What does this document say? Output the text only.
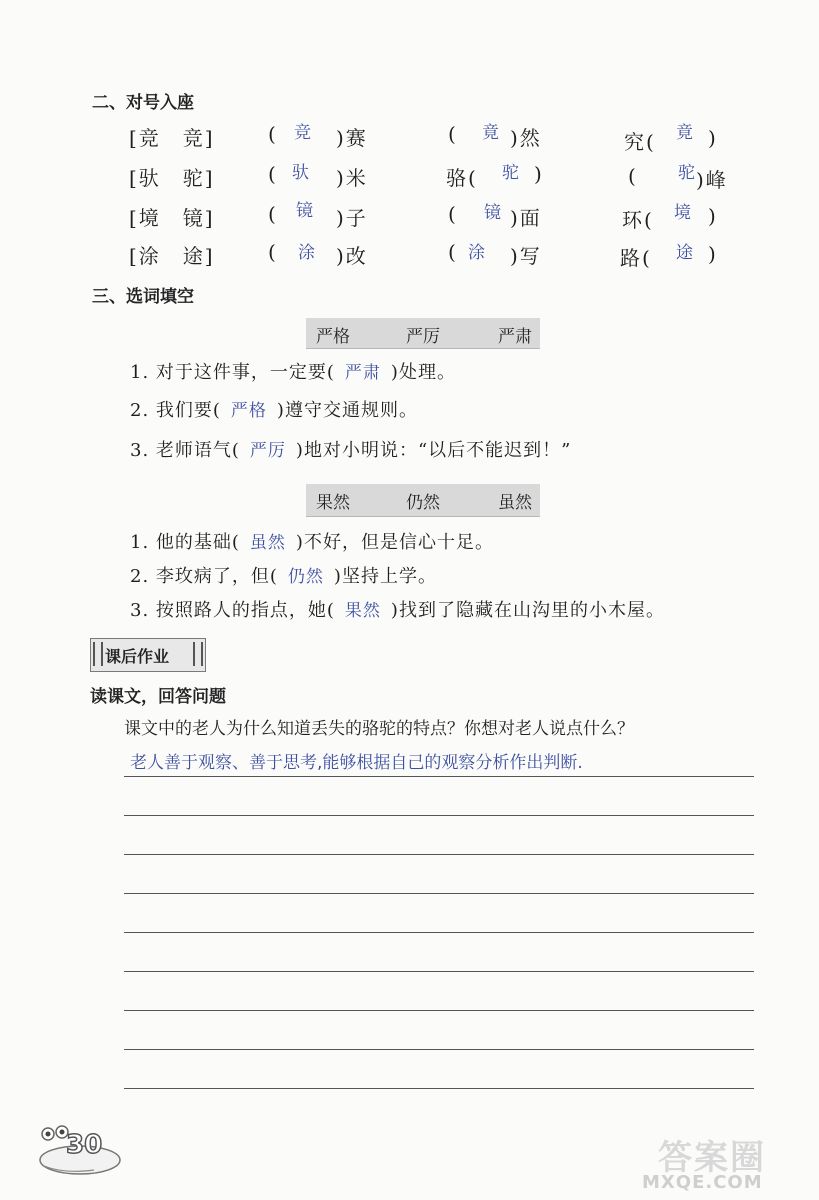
二、对号入座
[竞　竞]	( 竞 )赛	( 竟 )然	究( 竟 )
[驮　驼]	( 驮 )米	骆( 驼 )	( 驼 )峰
[境　镜]	( 镜 )子	( 镜 )面	环( 境 )
[涂　途]	( 涂 )改	( 涂 )写	路( 途 )
三、选词填空
严格	严厉	严肃
1. 对于这件事，一定要( 严肃 )处理。
2. 我们要( 严格 )遵守交通规则。
3. 老师语气( 严厉 )地对小明说：“以后不能迟到！”
果然	仍然	虽然
1. 他的基础( 虽然 )不好，但是信心十足。
2. 李玫病了，但( 仍然 )坚持上学。
3. 按照路人的指点，她( 果然 )找到了隐藏在山沟里的小木屋。
课后作业
读课文，回答问题
课文中的老人为什么知道丢失的骆驼的特点？你想对老人说点什么？
老人善于观察、善于思考,能够根据自己的观察分析作出判断.
30	答案圈
MXQE.COM
